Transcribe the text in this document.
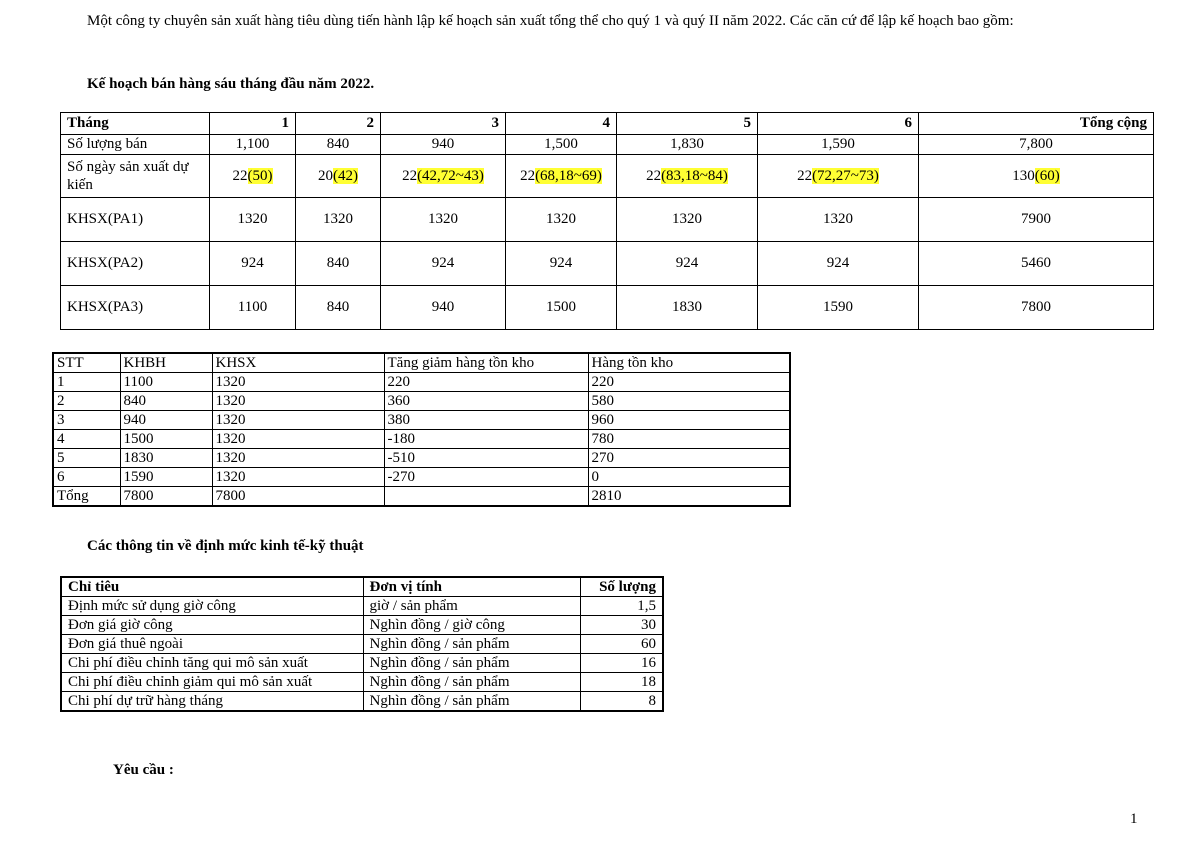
Một công ty chuyên sản xuất hàng tiêu dùng tiến hành lập kế hoạch sản xuất tổng thể cho quý 1 và quý II năm 2022. Các căn cứ để lập kế hoạch bao gồm:
Kế hoạch bán hàng sáu tháng đầu năm 2022.
Tháng	1	2	3	4	5	6	Tổng cộng
Số lượng bán	1,100	840	940	1,500	1,830	1,590	7,800
Số ngày sản xuất dự kiến	22(50)	20(42)	22(42,72~43)	22(68,18~69)	22(83,18~84)	22(72,27~73)	130(60)
KHSX(PA1)	1320	1320	1320	1320	1320	1320	7900
KHSX(PA2)	924	840	924	924	924	924	5460
KHSX(PA3)	1100	840	940	1500	1830	1590	7800
STT	KHBH	KHSX	Tăng giảm hàng tồn kho	Hàng tồn kho
1	1100	1320	220	220
2	840	1320	360	580
3	940	1320	380	960
4	1500	1320	-180	780
5	1830	1320	-510	270
6	1590	1320	-270	0
Tổng	7800	7800		2810
Các thông tin về định mức kinh tế-kỹ thuật
Chỉ tiêu	Đơn vị tính	Số lượng
Định mức sử dụng giờ công	giờ / sản phẩm	1,5
Đơn giá giờ công	Nghìn đồng / giờ công	30
Đơn giá thuê ngoài	Nghìn đồng / sản phẩm	60
Chi phí điều chỉnh tăng qui mô sản xuất	Nghìn đồng / sản phẩm	16
Chi phí điều chỉnh giảm qui mô sản xuất	Nghìn đồng / sản phẩm	18
Chi phí dự trữ hàng tháng	Nghìn đồng / sản phẩm	8
Yêu cầu :
1
